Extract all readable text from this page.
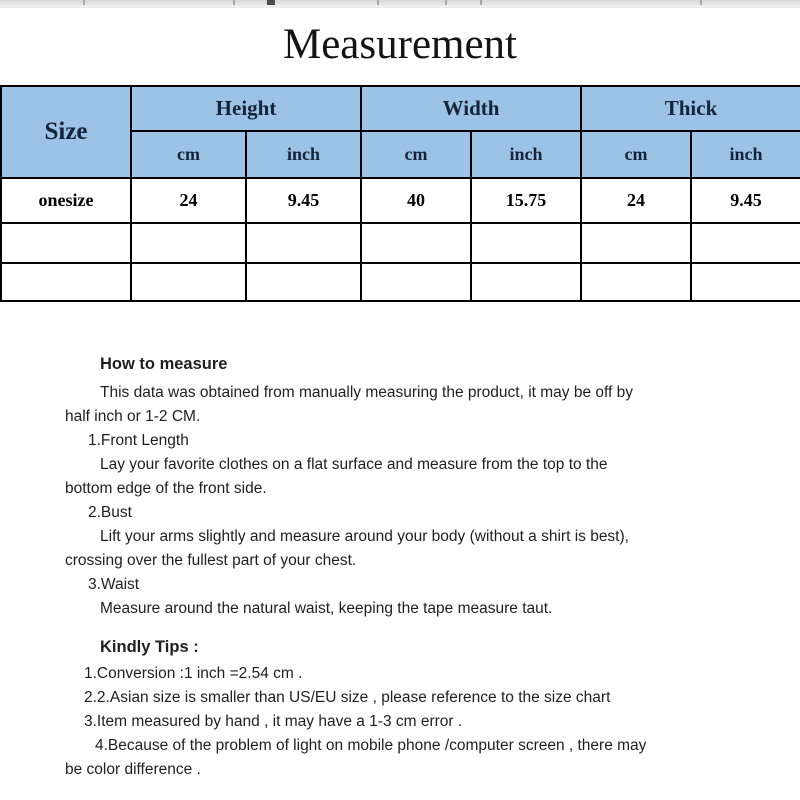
Measurement
Size	Height		Width		Thick	
	cm	inch	cm	inch	cm	inch
onesize	24	9.45	40	15.75	24	9.45

How to measure
This data was obtained from manually measuring the product, it may be off by
half inch or 1-2 CM.
1.Front Length
Lay your favorite clothes on a flat surface and measure from the top to the
bottom edge of the front side.
2.Bust
Lift your arms slightly and measure around your body (without a shirt is best),
crossing over the fullest part of your chest.
3.Waist
Measure around the natural waist, keeping the tape measure taut.
Kindly Tips :
1.Conversion :1 inch =2.54 cm .
2.2.Asian size is smaller than US/EU size , please reference to the size chart
3.Item measured by hand , it may have a 1-3 cm error .
4.Because of the problem of light on mobile phone /computer screen , there may
be color difference .
